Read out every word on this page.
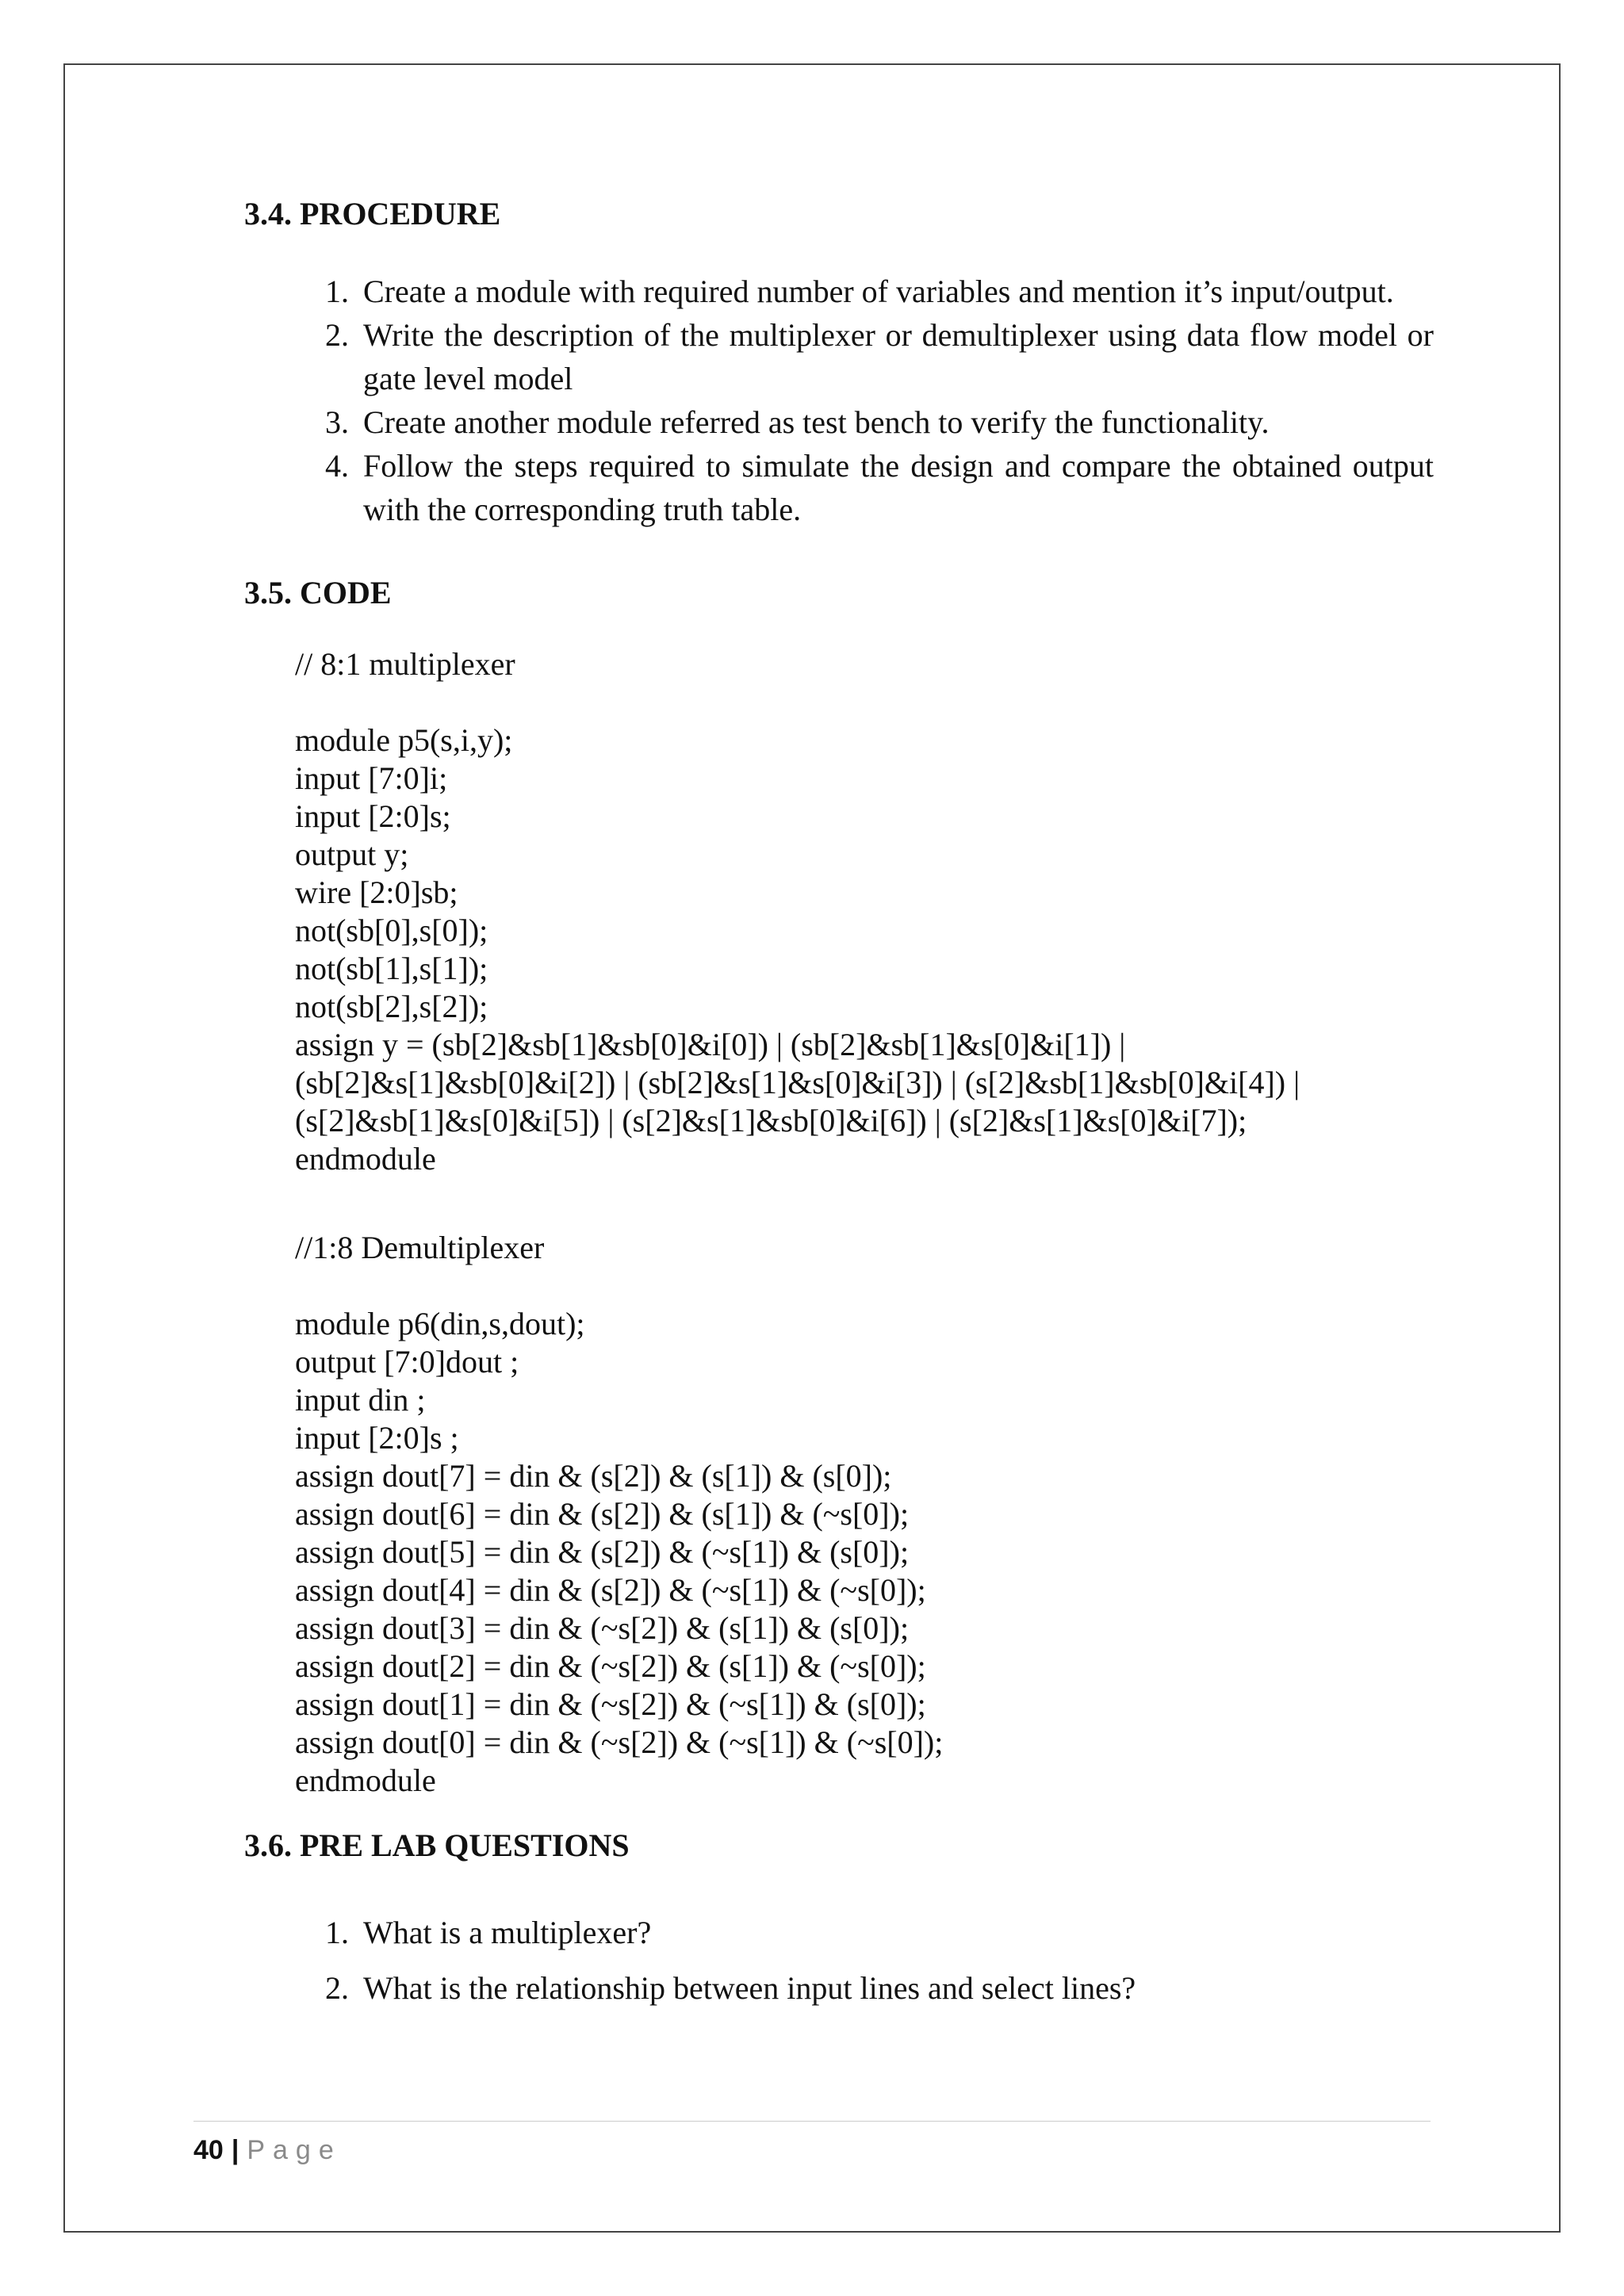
3.4. PROCEDURE
1. Create a module with required number of variables and mention it’s input/output.
2. Write the description of the multiplexer or demultiplexer using data flow model or gate level model
3. Create another module referred as test bench to verify the functionality.
4. Follow the steps required to simulate the design and compare the obtained output with the corresponding truth table.
3.5. CODE
// 8:1 multiplexer
module p5(s,i,y);
input [7:0]i;
input [2:0]s;
output y;
wire [2:0]sb;
not(sb[0],s[0]);
not(sb[1],s[1]);
not(sb[2],s[2]);
assign y = (sb[2]&sb[1]&sb[0]&i[0]) | (sb[2]&sb[1]&s[0]&i[1]) |
(sb[2]&s[1]&sb[0]&i[2]) | (sb[2]&s[1]&s[0]&i[3]) | (s[2]&sb[1]&sb[0]&i[4]) |
(s[2]&sb[1]&s[0]&i[5]) | (s[2]&s[1]&sb[0]&i[6]) | (s[2]&s[1]&s[0]&i[7]);
endmodule
//1:8 Demultiplexer
module p6(din,s,dout);
output [7:0]dout ;
input din ;
input [2:0]s ;
assign dout[7] = din & (s[2]) & (s[1]) & (s[0]);
assign dout[6] = din & (s[2]) & (s[1]) & (~s[0]);
assign dout[5] = din & (s[2]) & (~s[1]) & (s[0]);
assign dout[4] = din & (s[2]) & (~s[1]) & (~s[0]);
assign dout[3] = din & (~s[2]) & (s[1]) & (s[0]);
assign dout[2] = din & (~s[2]) & (s[1]) & (~s[0]);
assign dout[1] = din & (~s[2]) & (~s[1]) & (s[0]);
assign dout[0] = din & (~s[2]) & (~s[1]) & (~s[0]);
endmodule
3.6. PRE LAB QUESTIONS
1. What is a multiplexer?
2. What is the relationship between input lines and select lines?
40 | Page
